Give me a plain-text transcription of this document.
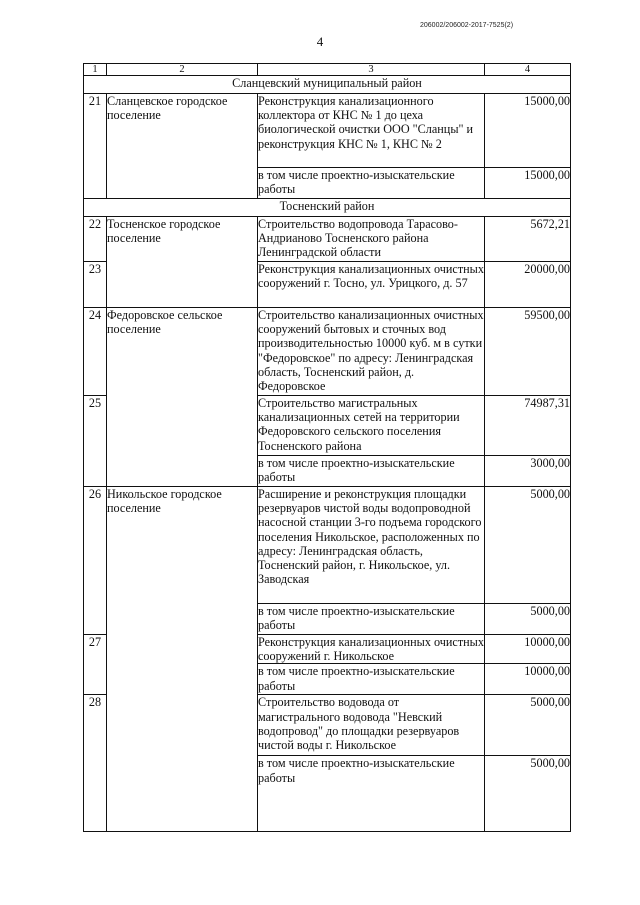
206002/206002-2017-7525(2)
4
1	2	3	4
Сланцевский муниципальный район			
21	Сланцевское городское поселение	Реконструкция канализационного коллектора от КНС № 1 до цеха биологической очистки ООО "Сланцы" и реконструкция КНС № 1, КНС № 2	15000,00
		в том числе проектно-изыскательские работы	15000,00
Тосненский район			
22	Тосненское городское поселение	Строительство водопровода Тарасово-Андриановo Тосненского района Ленинградской области	5672,21
23		Реконструкция канализационных очистных сооружений г. Тосно, ул. Урицкого, д. 57	20000,00
24	Федоровское сельское поселение	Строительство канализационных очистных сооружений бытовых и сточных вод производительностью 10000 куб. м в сутки "Федоровское" по адресу: Ленинградская область, Тосненский район, д. Федоровское	59500,00
25		Строительство магистральных канализационных сетей на территории Федоровского сельского поселения Тосненского района	74987,31
		в том числе проектно-изыскательские работы	3000,00
26	Никольское городское поселение	Расширение и реконструкция площадки резервуаров чистой воды водопроводной насосной станции 3-го подъема городского поселения Никольское, расположенных по адресу: Ленинградская область, Тосненский район, г. Никольское, ул. Заводская	5000,00
		в том числе проектно-изыскательские работы	5000,00
27		Реконструкция канализационных очистных сооружений г. Никольское	10000,00
		в том числе проектно-изыскательские работы	10000,00
28		Строительство водовода от магистрального водовода "Невский водопровод" до площадки резервуаров чистой воды г. Никольское	5000,00
		в том числе проектно-изыскательские работы	5000,00
